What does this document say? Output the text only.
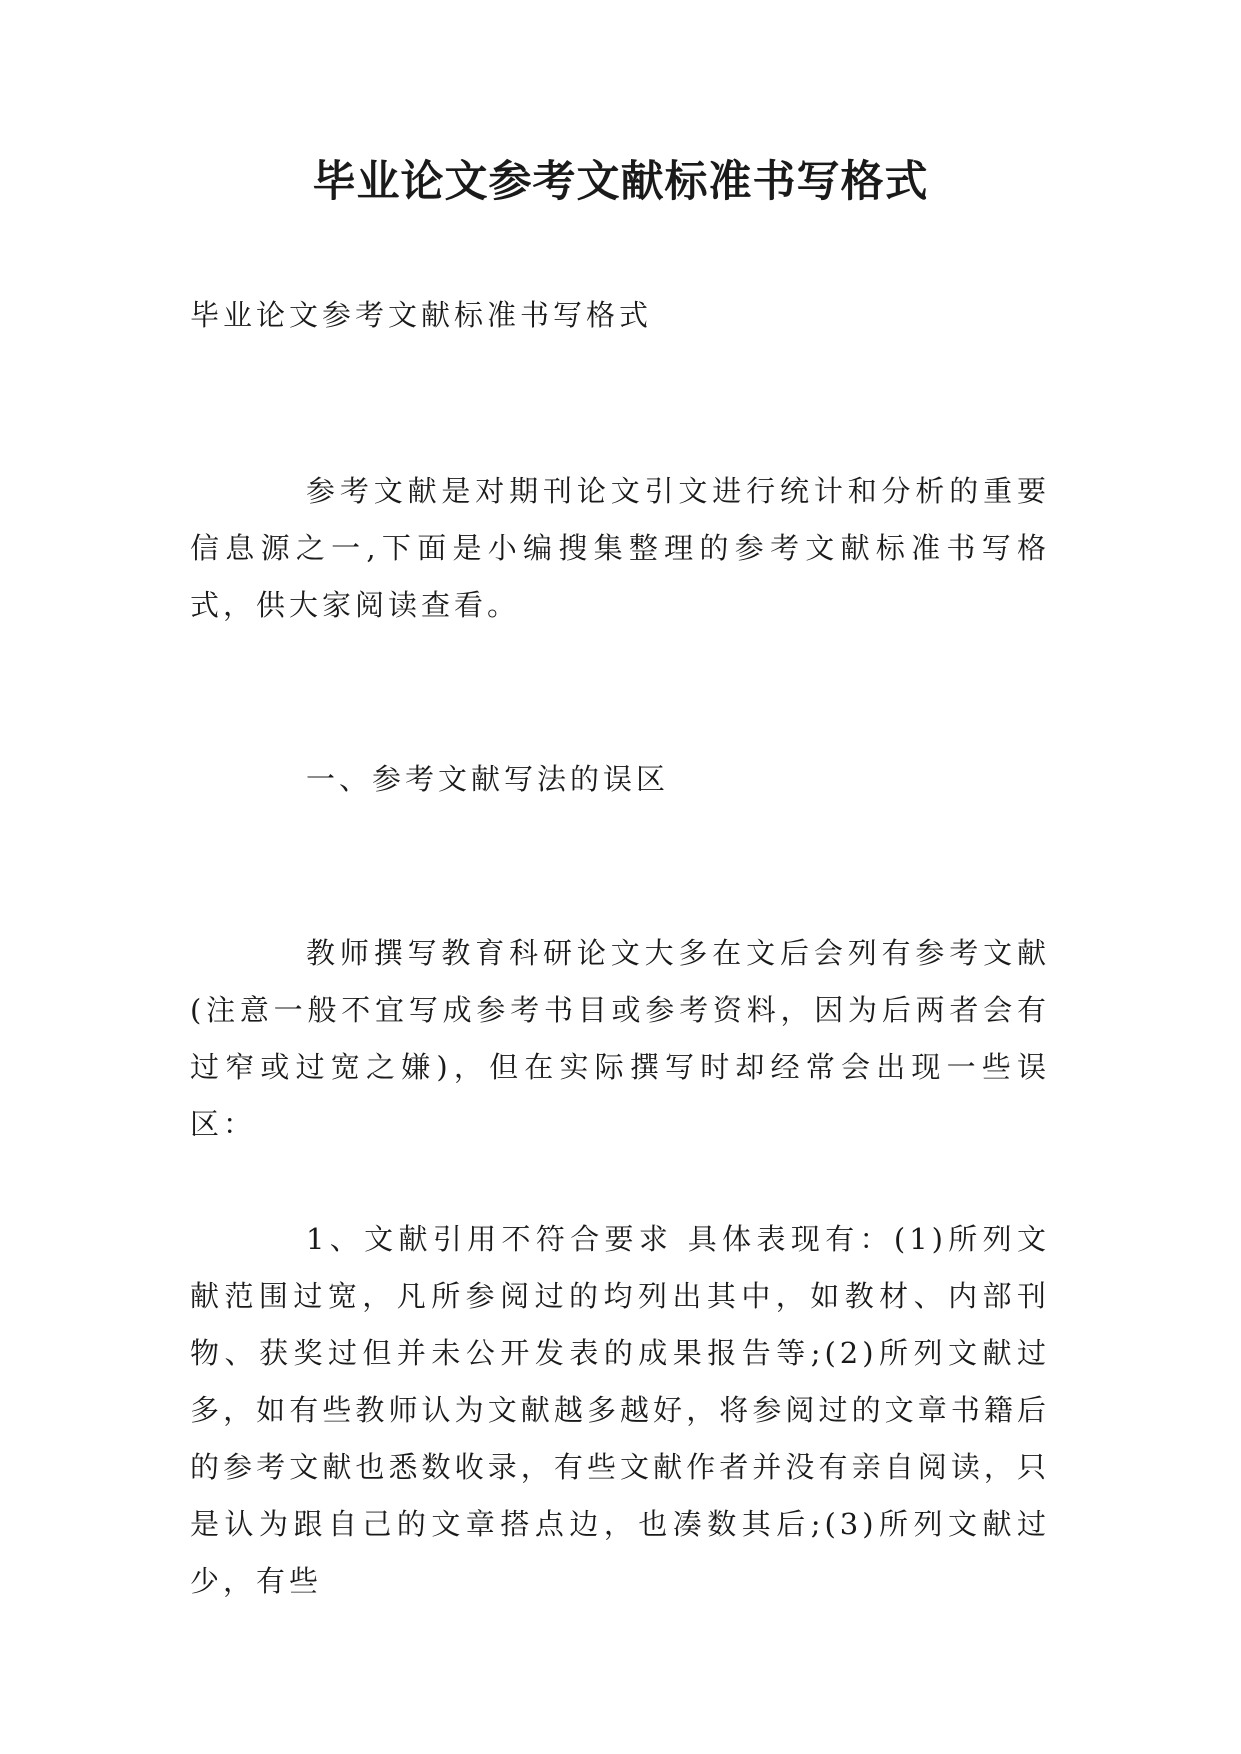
毕业论文参考文献标准书写格式

毕业论文参考文献标准书写格式

参考文献是对期刊论文引文进行统计和分析的重要信息源之一,下面是小编搜集整理的参考文献标准书写格式，供大家阅读查看。

一、参考文献写法的误区

教师撰写教育科研论文大多在文后会列有参考文献(注意一般不宜写成参考书目或参考资料，因为后两者会有过窄或过宽之嫌)，但在实际撰写时却经常会出现一些误区：

1、文献引用不符合要求 具体表现有：(1)所列文献范围过宽，凡所参阅过的均列出其中，如教材、内部刊物、获奖过但并未公开发表的成果报告等;(2)所列文献过多，如有些教师认为文献越多越好，将参阅过的文章书籍后的参考文献也悉数收录，有些文献作者并没有亲自阅读，只是认为跟自己的文章搭点边，也凑数其后;(3)所列文献过少，有些
